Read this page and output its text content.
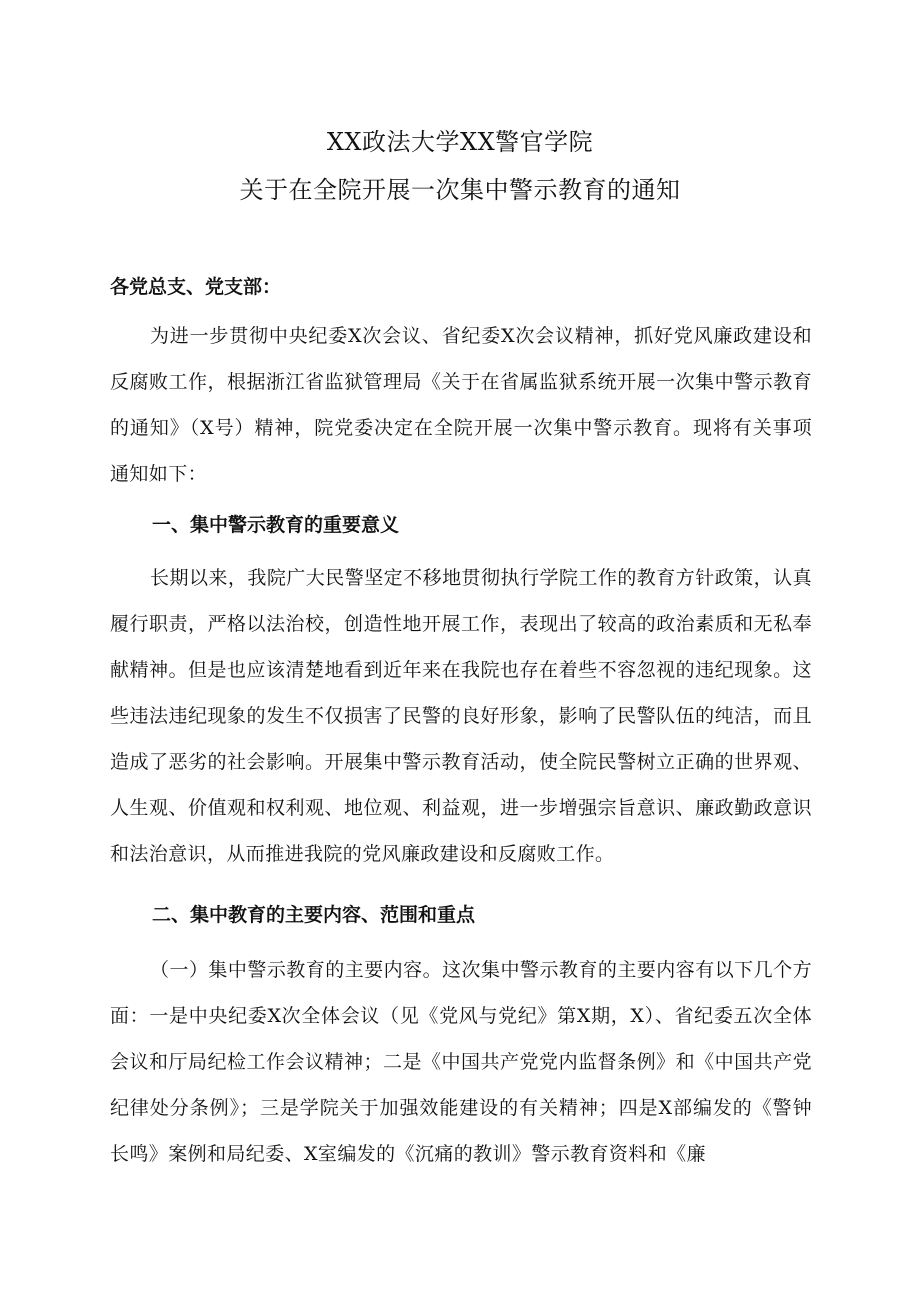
XX政法大学XX警官学院
关于在全院开展一次集中警示教育的通知
各党总支、党支部：
为进一步贯彻中央纪委X次会议、省纪委X次会议精神，抓好党风廉政建设和反腐败工作，根据浙江省监狱管理局《关于在省属监狱系统开展一次集中警示教育的通知》（X号）精神，院党委决定在全院开展一次集中警示教育。现将有关事项通知如下：
一、集中警示教育的重要意义
长期以来，我院广大民警坚定不移地贯彻执行学院工作的教育方针政策，认真履行职责，严格以法治校，创造性地开展工作，表现出了较高的政治素质和无私奉献精神。但是也应该清楚地看到近年来在我院也存在着些不容忽视的违纪现象。这些违法违纪现象的发生不仅损害了民警的良好形象，影响了民警队伍的纯洁，而且造成了恶劣的社会影响。开展集中警示教育活动，使全院民警树立正确的世界观、人生观、价值观和权利观、地位观、利益观，进一步增强宗旨意识、廉政勤政意识和法治意识，从而推进我院的党风廉政建设和反腐败工作。
二、集中教育的主要内容、范围和重点
（一）集中警示教育的主要内容。这次集中警示教育的主要内容有以下几个方面：一是中央纪委X次全体会议（见《党风与党纪》第X期，X）、省纪委五次全体会议和厅局纪检工作会议精神；二是《中国共产党党内监督条例》和《中国共产党纪律处分条例》；三是学院关于加强效能建设的有关精神；四是X部编发的《警钟长鸣》案例和局纪委、X室编发的《沉痛的教训》警示教育资料和《廉
